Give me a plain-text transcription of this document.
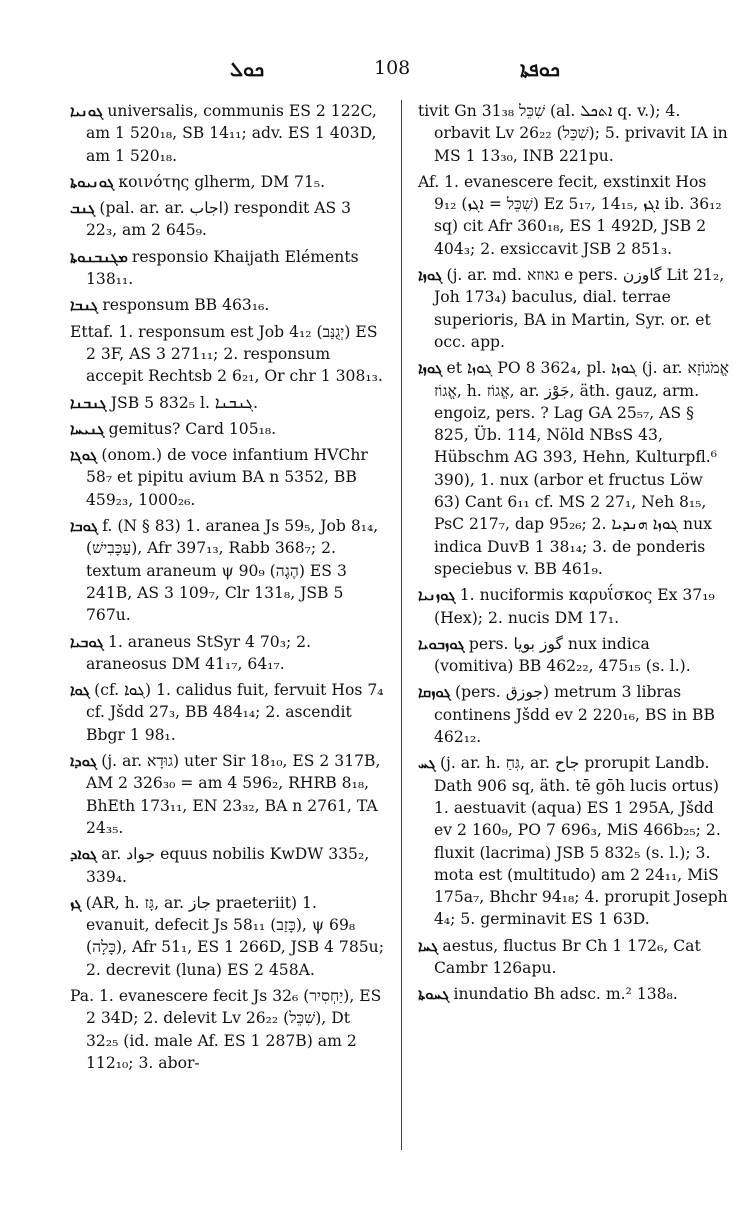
ܟܘܠ	108	ܟܘܦܬܐ

ܓܘܢܝܐ universalis, communis ES 2 122C, am 1 520₁₈, SB 14₁₁; adv. ES 1 403D, am 1 520₁₈.

ܓܘܢܝܘܬܐ κοινότης glherm, DM 71₅.

ܓܢܒ (pal. ar. ar. اجاب) respondit AS 3 22₃, am 2 645₉.

ܡܓܢܒܢܘܬܐ responsio Khaijath Eléments 138₁₁.

ܓܢܒܐ responsum BB 463₁₆.

Ettaf. 1. responsum est Job 4₁₂ (יְגֻנַּב) ES 2 3F, AS 3 271₁₁; 2. responsum accepit Rechtsb 2 6₂₁, Or chr 1 308₁₃.

ܓܢܒܢܐ JSB 5 832₅ l. ܓܢܒܢܐ.

ܓܢܝܚܐ gemitus? Card 105₁₈.

ܓܘܓܐ (onom.) de voce infantium HVChr 58₇ et pipitu avium BA n 5352, BB 459₂₃, 1000₂₆.

ܓܘܒܐ f. (N § 83) 1. aranea Js 59₅, Job 8₁₄, (עַכָּבִישׁ), Afr 397₁₃, Rabb 368₇; 2. textum araneum ψ 90₉ (הֶגֶה) ES 3 241B, AS 3 109₇, Clr 131₈, JSB 5 767u.

ܓܘܒܝܐ 1. araneus StSyr 4 70₃; 2. araneosus DM 41₁₇, 64₁₇.

ܓܘܐ (cf. ܓܘܐ) 1. calidus fuit, fervuit Hos 7₄ cf. Jšdd 27₃, BB 484₁₄; 2. ascendit Bbgr 1 98₁.

ܓܘܕܐ (j. ar. גוּדָא) uter Sir 18₁₀, ES 2 317B, AM 2 326₃₀ = am 4 596₂, RHRB 8₁₈, BhEth 173₁₁, EN 23₃₂, BA n 2761, TA 24₃₅.

ܓܘܐܕ ar. جواد equus nobilis KwDW 335₂, 339₄.

ܓܙ (AR, h. גָּז, ar. جاز praeteriit) 1. evanuit, defecit Js 58₁₁ (כָּזַב), ψ 69₈ (כָּלָה), Afr 51₁, ES 1 266D, JSB 4 785u; 2. decrevit (luna) ES 2 458A.

Pa. 1. evanescere fecit Js 32₆ (יַחְסִיר), ES 2 34D; 2. delevit Lv 26₂₂ (שִׁכֵּל), Dt 32₂₅ (id. male Af. ES 1 287B) am 2 112₁₀; 3. abor-

tivit Gn 31₃₈ שִׁכֵּל (al. ܐܬܟܠ q. v.); 4. orbavit Lv 26₂₂ (שִׁכֵּל); 5. privavit IA in MS 1 13₃₀, INB 221pu.

Af. 1. evanescere fecit, exstinxit Hos 9₁₂ (שִׁכֵּל = ܐܓܙ) Ez 5₁₇, 14₁₅, ܐܓܙ ib. 36₁₂ sq) cit Afr 360₁₈, ES 1 492D, JSB 2 404₃; 2. exsiccavit JSB 2 851₃.

ܓܘܙܐ (j. ar. md. גאוזא e pers. گاوزن Lit 21₂, Joh 173₄) baculus, dial. terrae superioris, BA in Martin, Syr. or. et occ. app.

ܓܘܙܐ et ܓܘܙܐ PO 8 362₄, pl. ܓܘܙܐ (j. ar. אֱמֹגוֹזָא אֱגוֹז, h. אֱגוֹז, ar. جَوْز, äth. gauz, arm. engoiz, pers. ? Lag GA 25₅₇, AS § 825, Üb. 114, Nöld NBsS 43, Hübschm AG 393, Hehn, Kulturpfl.⁶ 390), 1. nux (arbor et fructus Löw 63) Cant 6₁₁ cf. MS 2 27₁, Neh 8₁₅, PsC 217₇, dap 95₂₆; 2. ܓܘܙܐ ܗܢܕܝܐ nux indica DuvB 1 38₁₄; 3. de ponderis speciebus v. BB 461₉.

ܓܘܙܢܝܐ 1. nuciformis καρυΐσκος Ex 37₁₉ (Hex); 2. nucis DM 17₁.

ܓܘܙܒܘܝܐ pers. گوز بويا nux indica (vomitiva) BB 462₂₂, 475₁₅ (s. l.).

ܓܘܙܩܐ (pers. جوزق) metrum 3 libras continens Jšdd ev 2 220₁₆, BS in BB 462₁₂.

ܓܚ (j. ar. h. גִּחַ, ar. جاح prorupit Landb. Dath 906 sq, äth. tē gōh lucis ortus) 1. aestuavit (aqua) ES 1 295A, Jšdd ev 2 160₉, PO 7 696₃, MiS 466b₂₅; 2. fluxit (lacrima) JSB 5 832₅ (s. l.); 3. mota est (multitudo) am 2 24₁₁, MiS 175a₇, Bhchr 94₁₈; 4. prorupit Joseph 4₄; 5. germinavit ES 1 63D.

ܓܚܐ aestus, fluctus Br Ch 1 172₆, Cat Cambr 126apu.

ܓܚܘܬܐ inundatio Bh adsc. m.² 138₈.
